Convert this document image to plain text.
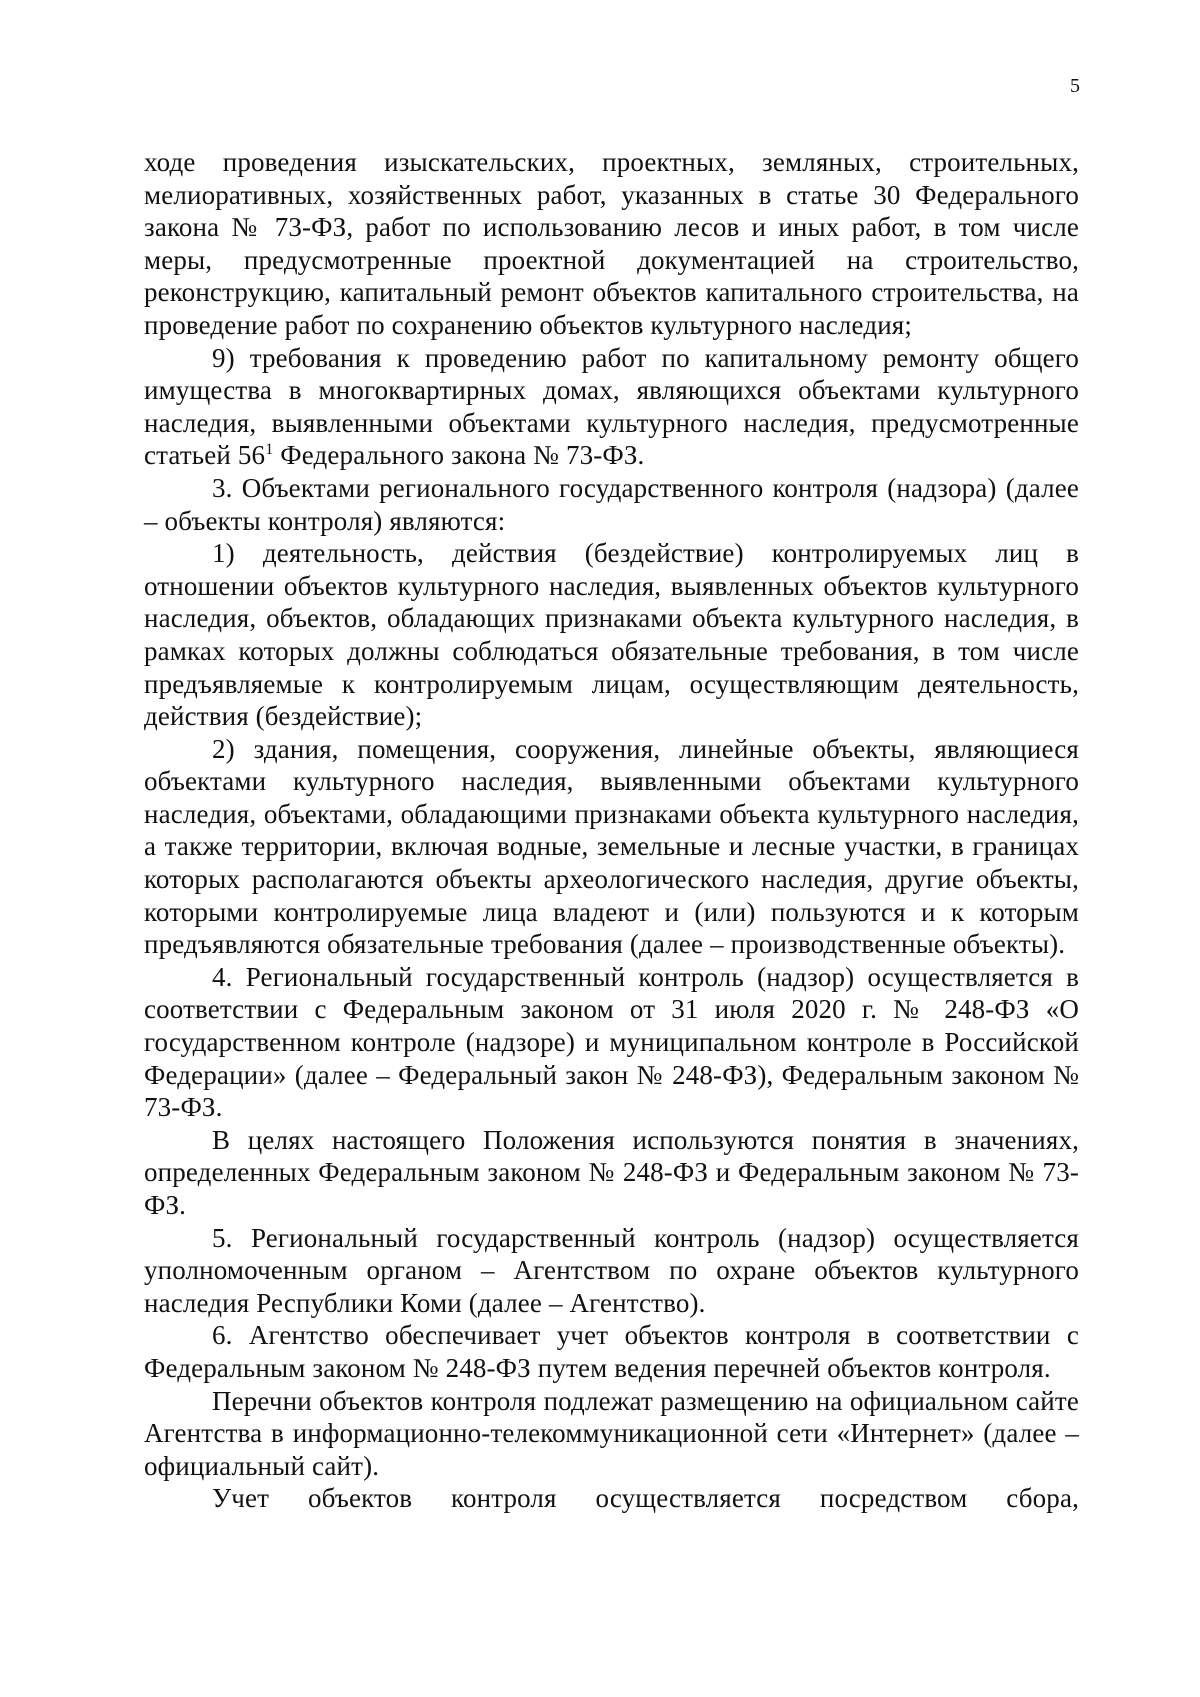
5

ходе проведения изыскательских, проектных, земляных, строительных, мелиоративных, хозяйственных работ, указанных в статье 30 Федерального закона № 73-ФЗ, работ по использованию лесов и иных работ, в том числе меры, предусмотренные проектной документацией на строительство, реконструкцию, капитальный ремонт объектов капитального строительства, на проведение работ по сохранению объектов культурного наследия;

9) требования к проведению работ по капитальному ремонту общего имущества в многоквартирных домах, являющихся объектами культурного наследия, выявленными объектами культурного наследия, предусмотренные статьей $56^1$ Федерального закона № 73-ФЗ.

3. Объектами регионального государственного контроля (надзора) (далее – объекты контроля) являются:

1) деятельность, действия (бездействие) контролируемых лиц в отношении объектов культурного наследия, выявленных объектов культурного наследия, объектов, обладающих признаками объекта культурного наследия, в рамках которых должны соблюдаться обязательные требования, в том числе предъявляемые к контролируемым лицам, осуществляющим деятельность, действия (бездействие);

2) здания, помещения, сооружения, линейные объекты, являющиеся объектами культурного наследия, выявленными объектами культурного наследия, объектами, обладающими признаками объекта культурного наследия, а также территории, включая водные, земельные и лесные участки, в границах которых располагаются объекты археологического наследия, другие объекты, которыми контролируемые лица владеют и (или) пользуются и к которым предъявляются обязательные требования (далее – производственные объекты).

4. Региональный государственный контроль (надзор) осуществляется в соответствии с Федеральным законом от 31 июля 2020 г. № 248-ФЗ «О государственном контроле (надзоре) и муниципальном контроле в Российской Федерации» (далее – Федеральный закон № 248-ФЗ), Федеральным законом № 73-ФЗ.

В целях настоящего Положения используются понятия в значениях, определенных Федеральным законом № 248-ФЗ и Федеральным законом № 73-ФЗ.

5. Региональный государственный контроль (надзор) осуществляется уполномоченным органом – Агентством по охране объектов культурного наследия Республики Коми (далее – Агентство).

6. Агентство обеспечивает учет объектов контроля в соответствии с Федеральным законом № 248-ФЗ путем ведения перечней объектов контроля.

Перечни объектов контроля подлежат размещению на официальном сайте Агентства в информационно-телекоммуникационной сети «Интернет» (далее – официальный сайт).

Учет объектов контроля осуществляется посредством сбора,
